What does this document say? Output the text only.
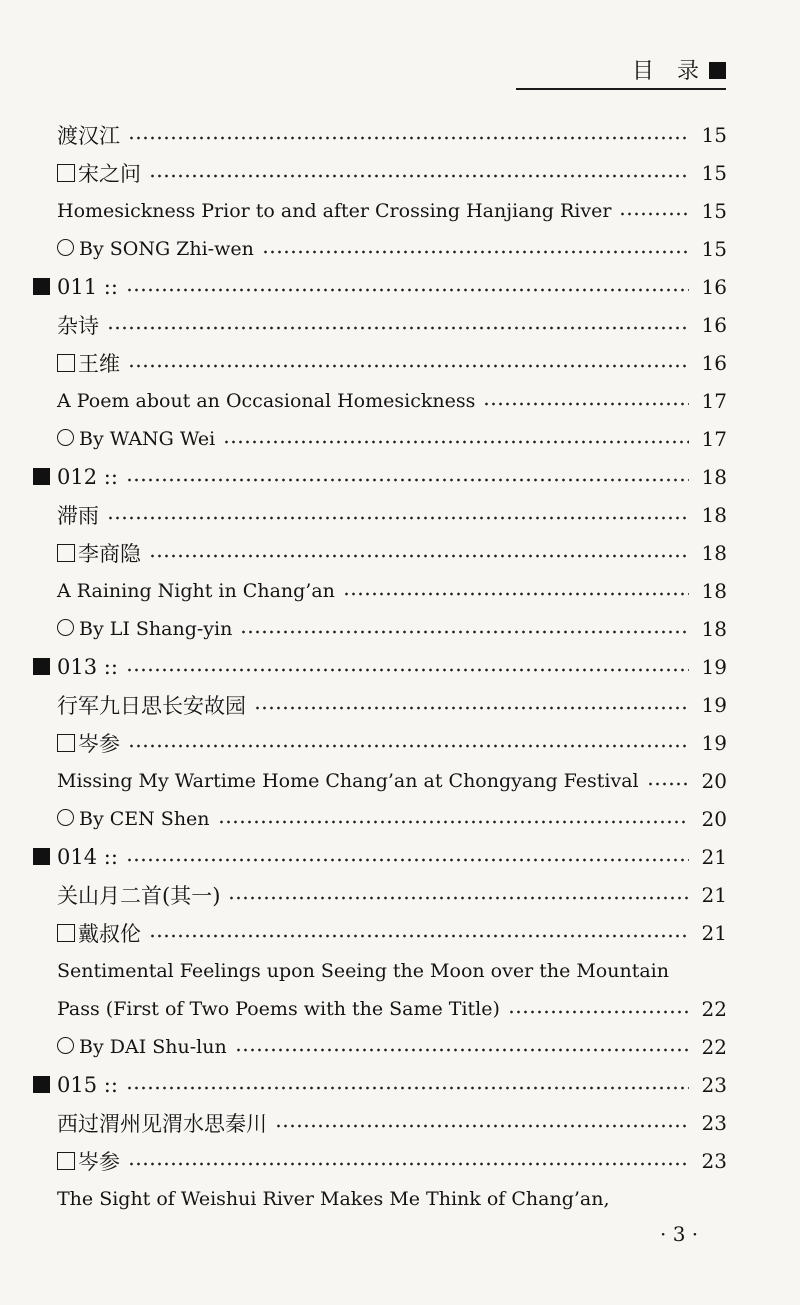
目 录
渡汉江	15
宋之问	15
Homesickness Prior to and after Crossing Hanjiang River	15
By SONG Zhi-wen	15
011 ::	16
杂诗	16
王维	16
A Poem about an Occasional Homesickness	17
By WANG Wei	17
012 ::	18
滞雨	18
李商隐	18
A Raining Night in Chang’an	18
By LI Shang-yin	18
013 ::	19
行军九日思长安故园	19
岑参	19
Missing My Wartime Home Chang’an at Chongyang Festival	20
By CEN Shen	20
014 ::	21
关山月二首(其一)	21
戴叔伦	21
Sentimental Feelings upon Seeing the Moon over the Mountain
Pass (First of Two Poems with the Same Title)	22
By DAI Shu-lun	22
015 ::	23
西过渭州见渭水思秦川	23
岑参	23
The Sight of Weishui River Makes Me Think of Chang’an,
· 3 ·
